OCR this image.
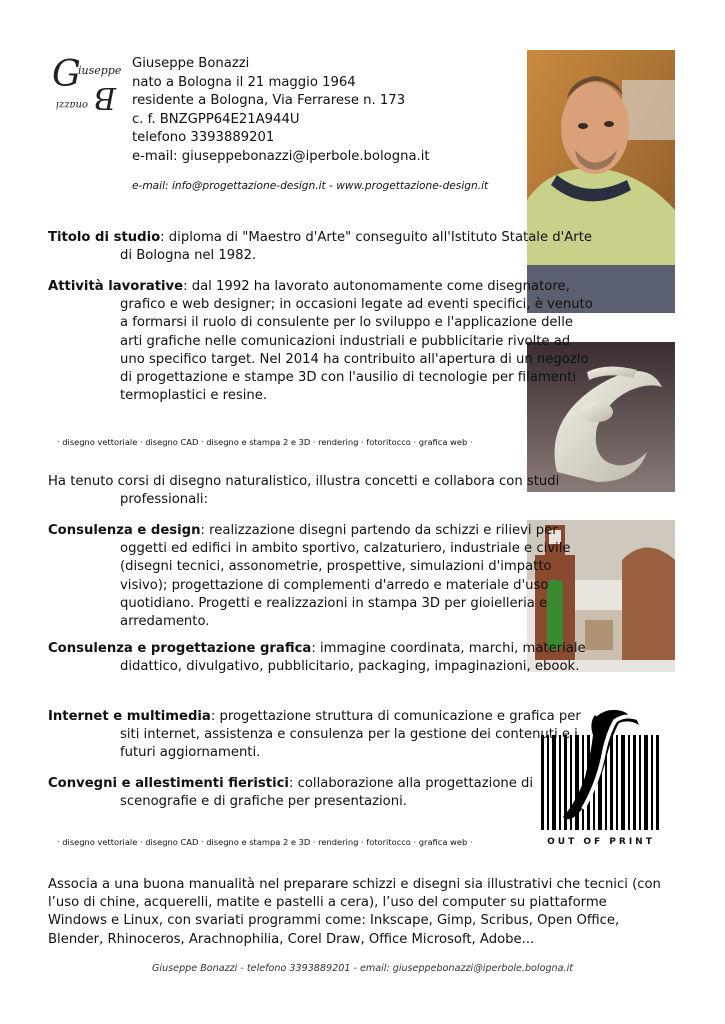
G
iuseppe
B
onazzi
Giuseppe Bonazzi
nato a Bologna il 21 maggio 1964
residente a Bologna, Via Ferrarese n. 173
c. f. BNZGPP64E21A944U
telefono 3393889201
e-mail: giuseppebonazzi@iperbole.bologna.it
e-mail: info@progettazione-design.it - www.progettazione-design.it
OUT OF PRINT
Titolo di studio: diploma di "Maestro d'Arte" conseguito all'Istituto Statale d'Arte di Bologna nel 1982.
Attività lavorative: dal 1992 ha lavorato autonomamente come disegnatore, grafico e web designer; in occasioni legate ad eventi specifici, è venuto a formarsi il ruolo di consulente per lo sviluppo e l'applicazione delle arti grafiche nelle comunicazioni industriali e pubblicitarie rivolte ad uno specifico target. Nel 2014 ha contribuito all'apertura di un negozio di progettazione e stampe 3D con l'ausilio di tecnologie per filamenti termoplastici e resine.
· disegno vettoriale · disegno CAD · disegno e stampa 2 e 3D · rendering · fotoritocco · grafica web ·
Ha tenuto corsi di disegno naturalistico, illustra concetti e collabora con studi professionali:
Consulenza e design: realizzazione disegni partendo da schizzi e rilievi per oggetti ed edifici in ambito sportivo, calzaturiero, industriale e civile (disegni tecnici, assonometrie, prospettive, simulazioni d'impatto visivo); progettazione di complementi d'arredo e materiale d'uso quotidiano. Progetti e realizzazioni in stampa 3D per gioielleria e arredamento.
Consulenza e progettazione grafica: immagine coordinata, marchi, materiale didattico, divulgativo, pubblicitario, packaging, impaginazioni, ebook.
Internet e multimedia: progettazione struttura di comunicazione e grafica per siti internet, assistenza e consulenza per la gestione dei contenuti e i futuri aggiornamenti.
Convegni e allestimenti fieristici: collaborazione alla progettazione di scenografie e di grafiche per presentazioni.
· disegno vettoriale · disegno CAD · disegno e stampa 2 e 3D · rendering · fotoritocco · grafica web ·
Associa a una buona manualità nel preparare schizzi e disegni sia illustrativi che tecnici (con l’uso di chine, acquerelli, matite e pastelli a cera), l’uso del computer su piattaforme Windows e Linux, con svariati programmi come: Inkscape, Gimp, Scribus, Open Office, Blender, Rhinoceros, Arachnophilia, Corel Draw, Office Microsoft, Adobe...
Giuseppe Bonazzi - telefono 3393889201 - email: giuseppebonazzi@iperbole.bologna.it
